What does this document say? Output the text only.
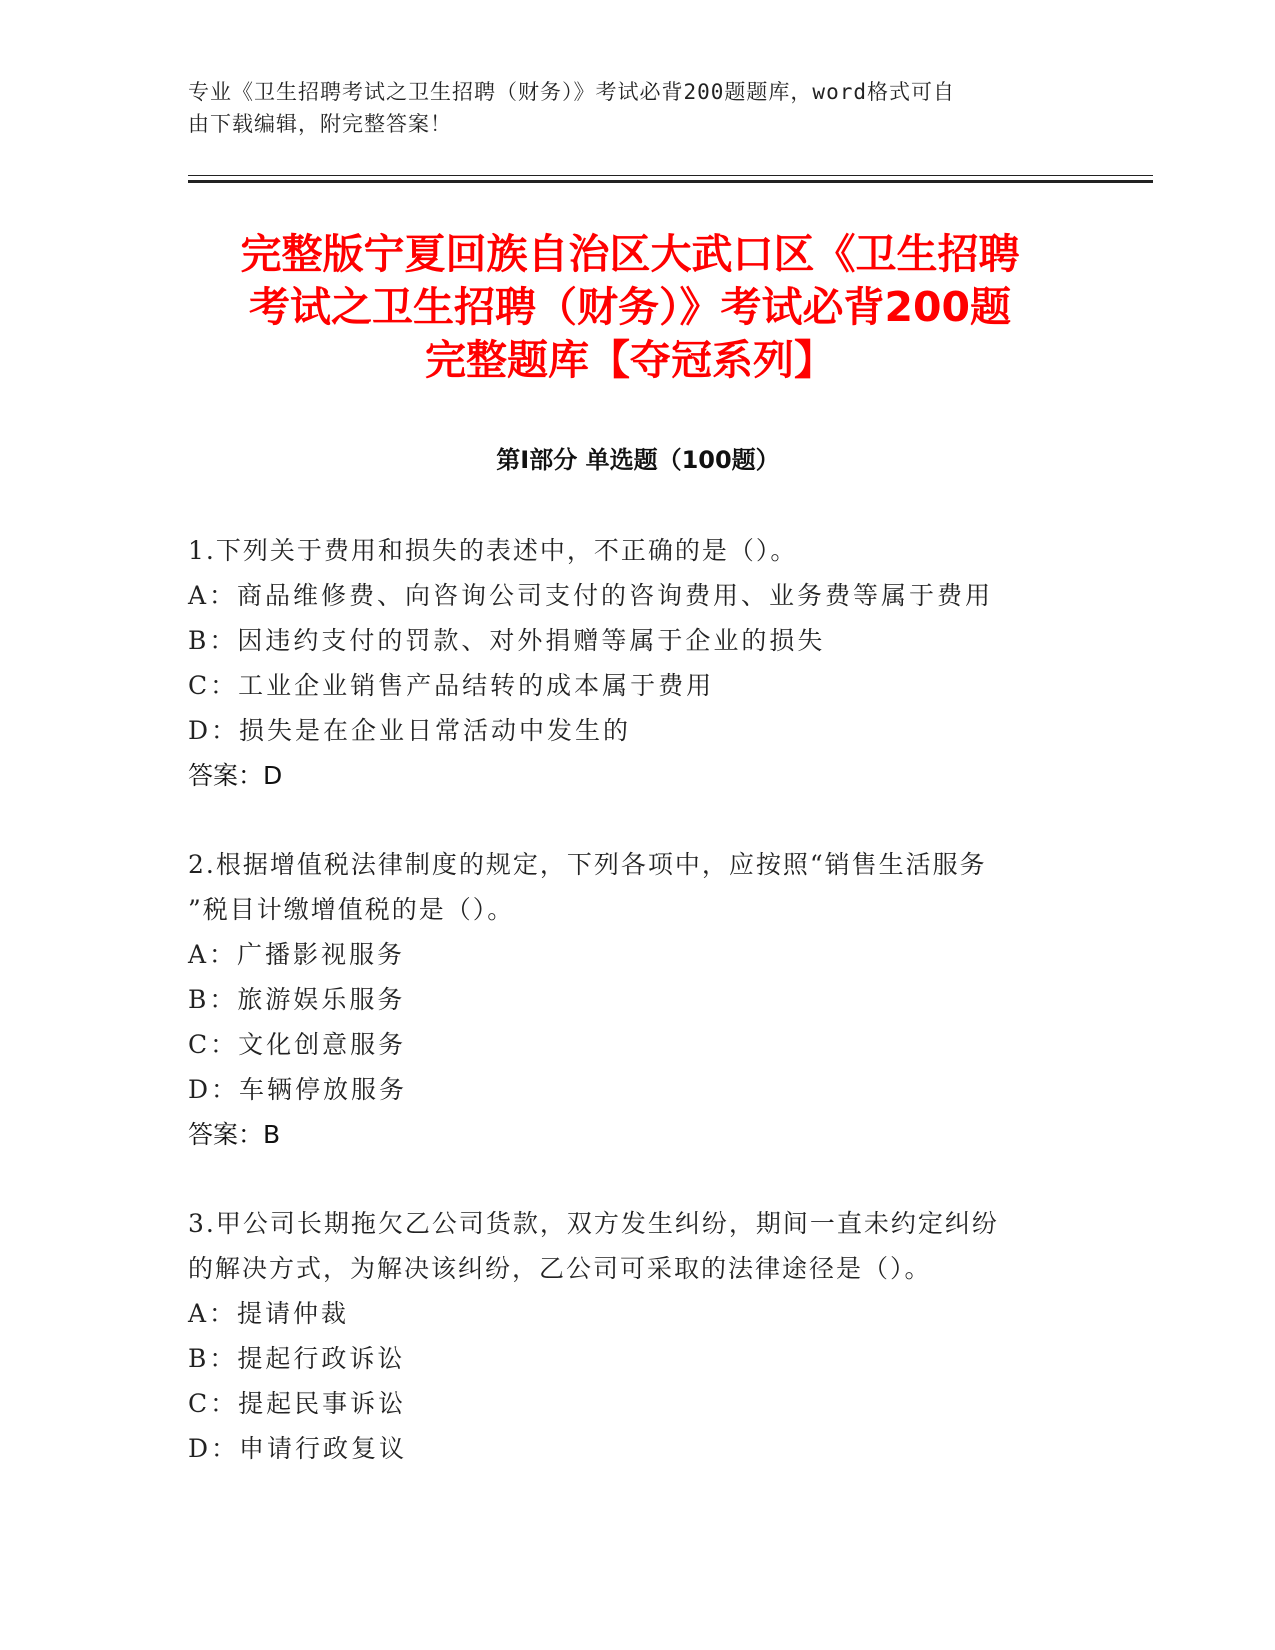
专业《卫生招聘考试之卫生招聘（财务）》考试必背200题题库，word格式可自
由下载编辑，附完整答案！
完整版宁夏回族自治区大武口区《卫生招聘
考试之卫生招聘（财务）》考试必背200题
完整题库【夺冠系列】
第I部分 单选题（100题）
1.下列关于费用和损失的表述中，不正确的是（）。
A：商品维修费、向咨询公司支付的咨询费用、业务费等属于费用
B：因违约支付的罚款、对外捐赠等属于企业的损失
C：工业企业销售产品结转的成本属于费用
D：损失是在企业日常活动中发生的
答案：D
2.根据增值税法律制度的规定，下列各项中，应按照“销售生活服务
”税目计缴增值税的是（）。
A：广播影视服务
B：旅游娱乐服务
C：文化创意服务
D：车辆停放服务
答案：B
3.甲公司长期拖欠乙公司货款，双方发生纠纷，期间一直未约定纠纷
的解决方式，为解决该纠纷，乙公司可采取的法律途径是（）。
A：提请仲裁
B：提起行政诉讼
C：提起民事诉讼
D：申请行政复议
